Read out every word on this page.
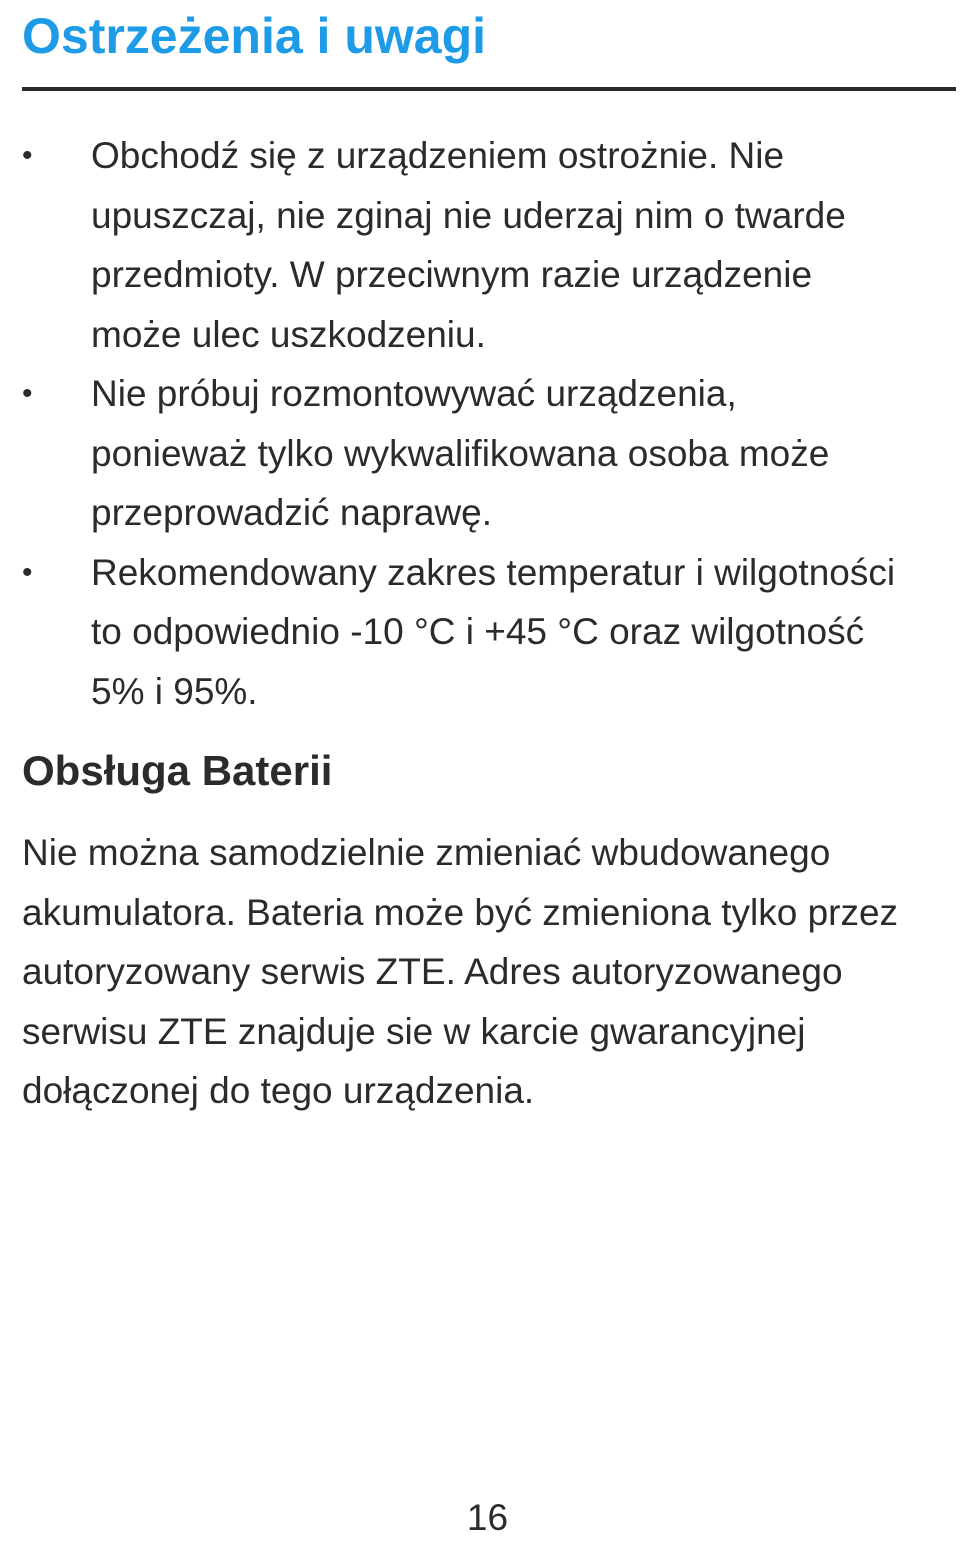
Ostrzeżenia i uwagi
• Obchodź się z urządzeniem ostrożnie. Nie
upuszczaj, nie zginaj nie uderzaj nim o twarde
przedmioty. W przeciwnym razie urządzenie
może ulec uszkodzeniu.
• Nie próbuj rozmontowywać urządzenia,
ponieważ tylko wykwalifikowana osoba może
przeprowadzić naprawę.
• Rekomendowany zakres temperatur i wilgotności
to odpowiednio -10 °C i +45 °C oraz wilgotność
5% i 95%.
Obsługa Baterii

Nie można samodzielnie zmieniać wbudowanego
akumulatora. Bateria może być zmieniona tylko przez
autoryzowany serwis ZTE. Adres autoryzowanego
serwisu ZTE znajduje sie w karcie gwarancyjnej
dołączonej do tego urządzenia.

16
